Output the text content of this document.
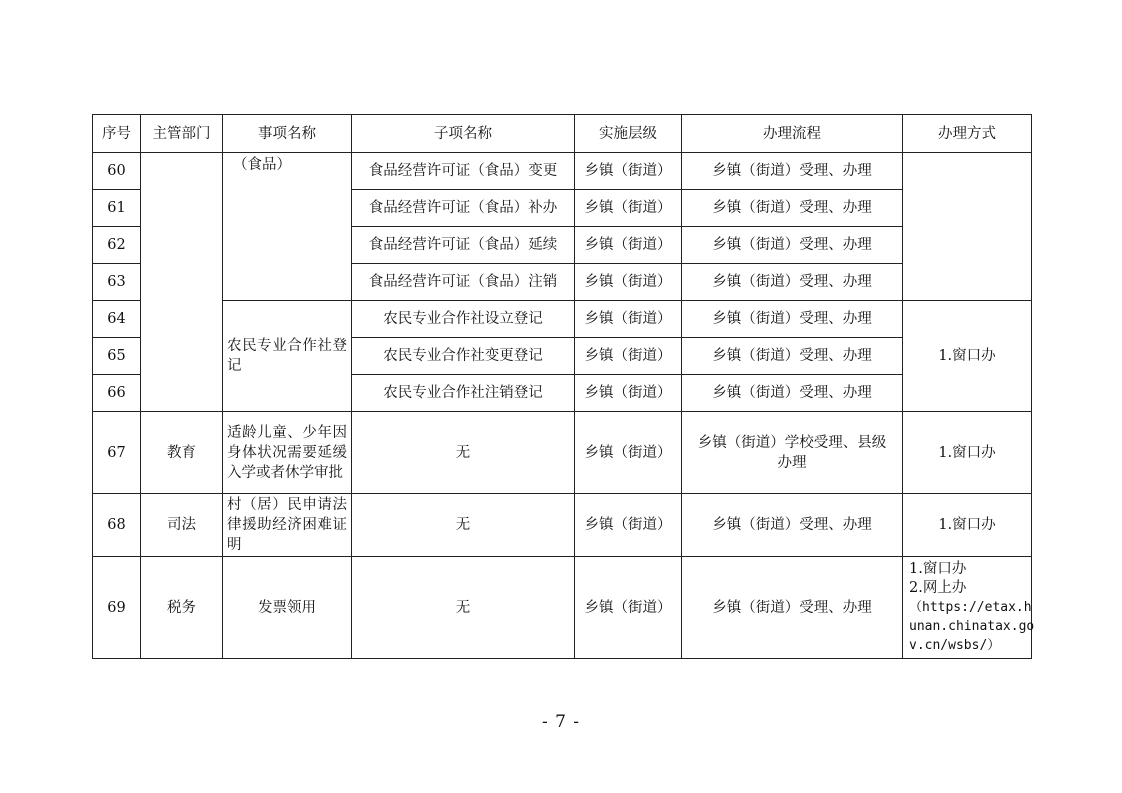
序号	主管部门	事项名称	子项名称	实施层级	办理流程	办理方式
60		（食品）	食品经营许可证（食品）变更	乡镇（街道）	乡镇（街道）受理、办理	
61			食品经营许可证（食品）补办	乡镇（街道）	乡镇（街道）受理、办理	
62			食品经营许可证（食品）延续	乡镇（街道）	乡镇（街道）受理、办理	
63			食品经营许可证（食品）注销	乡镇（街道）	乡镇（街道）受理、办理	
64		农民专业合作社登记	农民专业合作社设立登记	乡镇（街道）	乡镇（街道）受理、办理	1.窗口办
65			农民专业合作社变更登记	乡镇（街道）	乡镇（街道）受理、办理	
66			农民专业合作社注销登记	乡镇（街道）	乡镇（街道）受理、办理	
67	教育	适龄儿童、少年因身体状况需要延缓入学或者休学审批	无	乡镇（街道）	乡镇（街道）学校受理、县级办理	1.窗口办
68	司法	村（居）民申请法律援助经济困难证明	无	乡镇（街道）	乡镇（街道）受理、办理	1.窗口办
69	税务	发票领用	无	乡镇（街道）	乡镇（街道）受理、办理	1.窗口办
2.网上办
（https://etax.h
unan.chinatax.go
v.cn/wsbs/）
- 7 -
